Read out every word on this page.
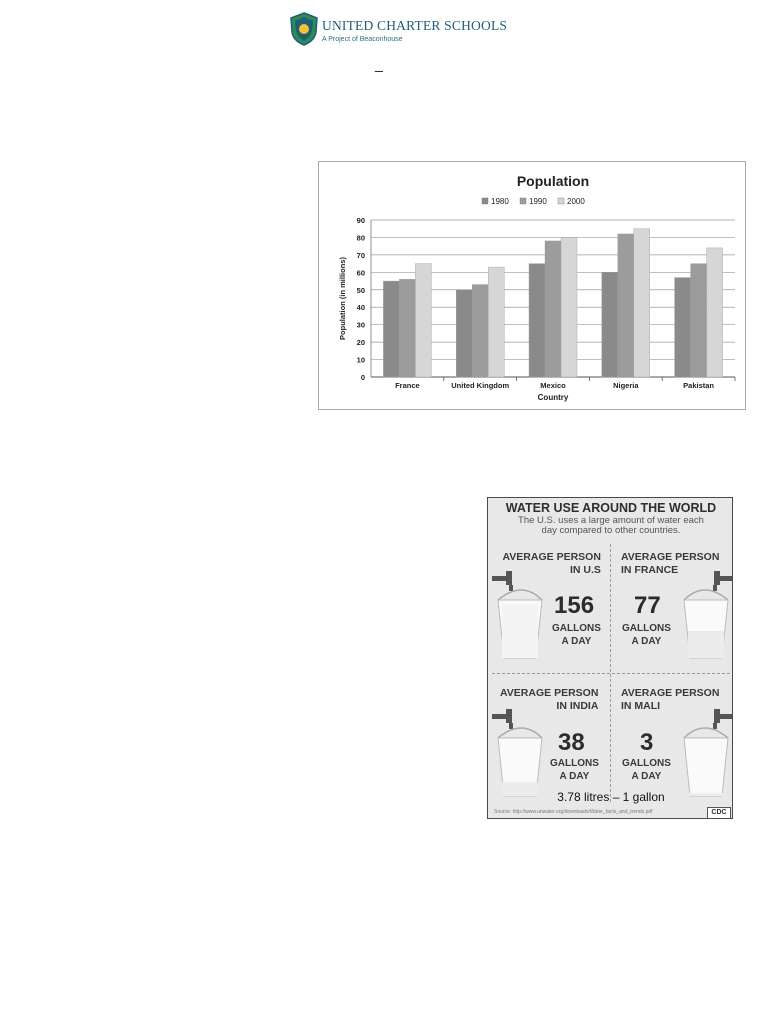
UNITED CHARTER SCHOOLS
A Project of Beaconhouse
_
Population
1980	1990	2000
0
10
20
30
40
50
60
70
80
90
France	United Kingdom	Mexico	Nigeria	Pakistan
Country
Population (in millions)
WATER USE AROUND THE WORLD
The U.S. uses a large amount of water each day compared to other countries.
AVERAGE PERSON
IN U.S
156
GALLONS
A DAY
AVERAGE PERSON
IN FRANCE
77
GALLONS
A DAY
AVERAGE PERSON
IN INDIA
38
GALLONS
A DAY
AVERAGE PERSON
IN MALI
3
GALLONS
A DAY
3.78 litres – 1 gallon
Source: http://www.unwater.org/downloads/Water_facts_and_trends.pdf	CDC
